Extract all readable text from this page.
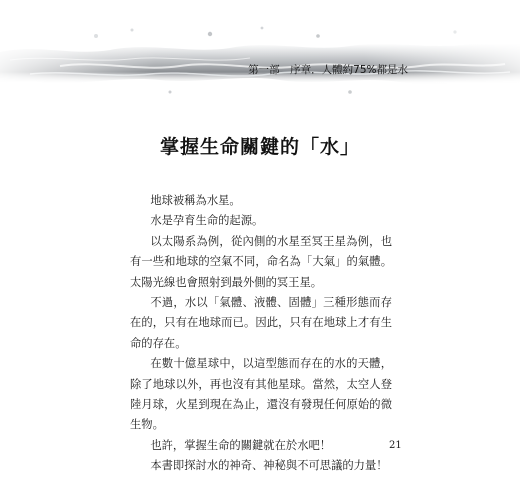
第一部　序章．人體約75%都是水
掌握生命關鍵的「水」

地球被稱為水星。

水是孕育生命的起源。

以太陽系為例，從內側的水星至冥王星為例，也有一些和地球的空氣不同，命名為「大氣」的氣體。太陽光線也會照射到最外側的冥王星。

不過，水以「氣體、液體、固體」三種形態而存在的，只有在地球而已。因此，只有在地球上才有生命的存在。

在數十億星球中，以這型態而存在的水的天體，除了地球以外，再也沒有其他星球。當然，太空人登陸月球，火星到現在為止，還沒有發現任何原始的微生物。

也許，掌握生命的關鍵就在於水吧！

本書即探討水的神奇、神秘與不可思議的力量！

21
